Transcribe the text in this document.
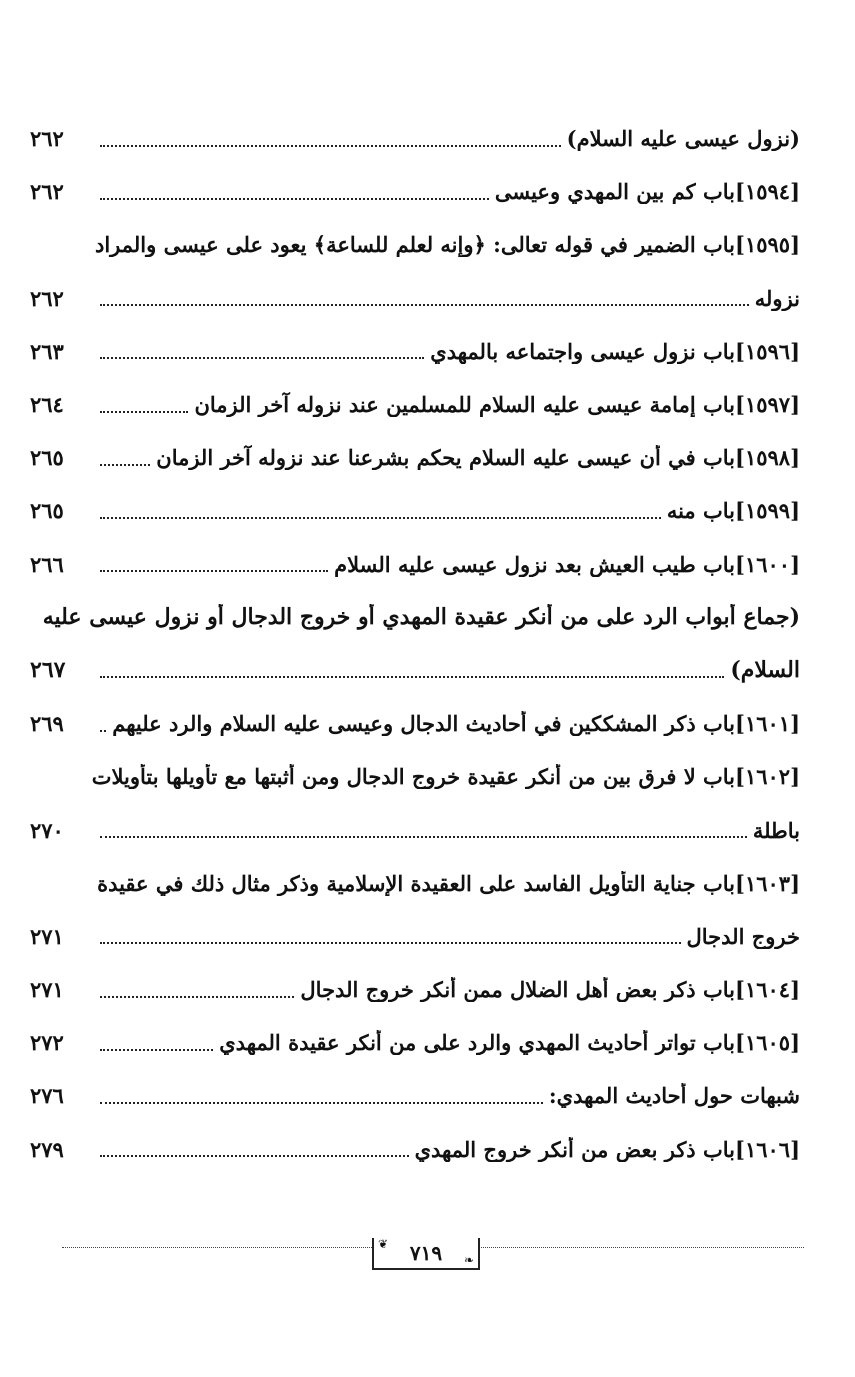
(نزول عيسى عليه السلام)
٢٦٢
[١٥٩٤]باب كم بين المهدي وعيسى
٢٦٢
[١٥٩٥]باب الضمير في قوله تعالى: ﴿وإنه لعلم للساعة﴾ يعود على عيسى والمراد
نزوله
٢٦٢
[١٥٩٦]باب نزول عيسى واجتماعه بالمهدي
٢٦٣
[١٥٩٧]باب إمامة عيسى عليه السلام للمسلمين عند نزوله آخر الزمان
٢٦٤
[١٥٩٨]باب في أن عيسى عليه السلام يحكم بشرعنا عند نزوله آخر الزمان
٢٦٥
[١٥٩٩]باب منه
٢٦٥
[١٦٠٠]باب طيب العيش بعد نزول عيسى عليه السلام
٢٦٦
(جماع أبواب الرد على من أنكر عقيدة المهدي أو خروج الدجال أو نزول عيسى عليه
السلام)
٢٦٧
[١٦٠١]باب ذكر المشككين في أحاديث الدجال وعيسى عليه السلام والرد عليهم
٢٦٩
[١٦٠٢]باب لا فرق بين من أنكر عقيدة خروج الدجال ومن أثبتها مع تأويلها بتأويلات
باطلة
٢٧٠
[١٦٠٣]باب جناية التأويل الفاسد على العقيدة الإسلامية وذكر مثال ذلك في عقيدة
خروج الدجال
٢٧١
[١٦٠٤]باب ذكر بعض أهل الضلال ممن أنكر خروج الدجال
٢٧١
[١٦٠٥]باب تواتر أحاديث المهدي والرد على من أنكر عقيدة المهدي
٢٧٢
شبهات حول أحاديث المهدي:
٢٧٦
[١٦٠٦]باب ذكر بعض من أنكر خروج المهدي
٢٧٩
❦ ٧١٩ ❧
